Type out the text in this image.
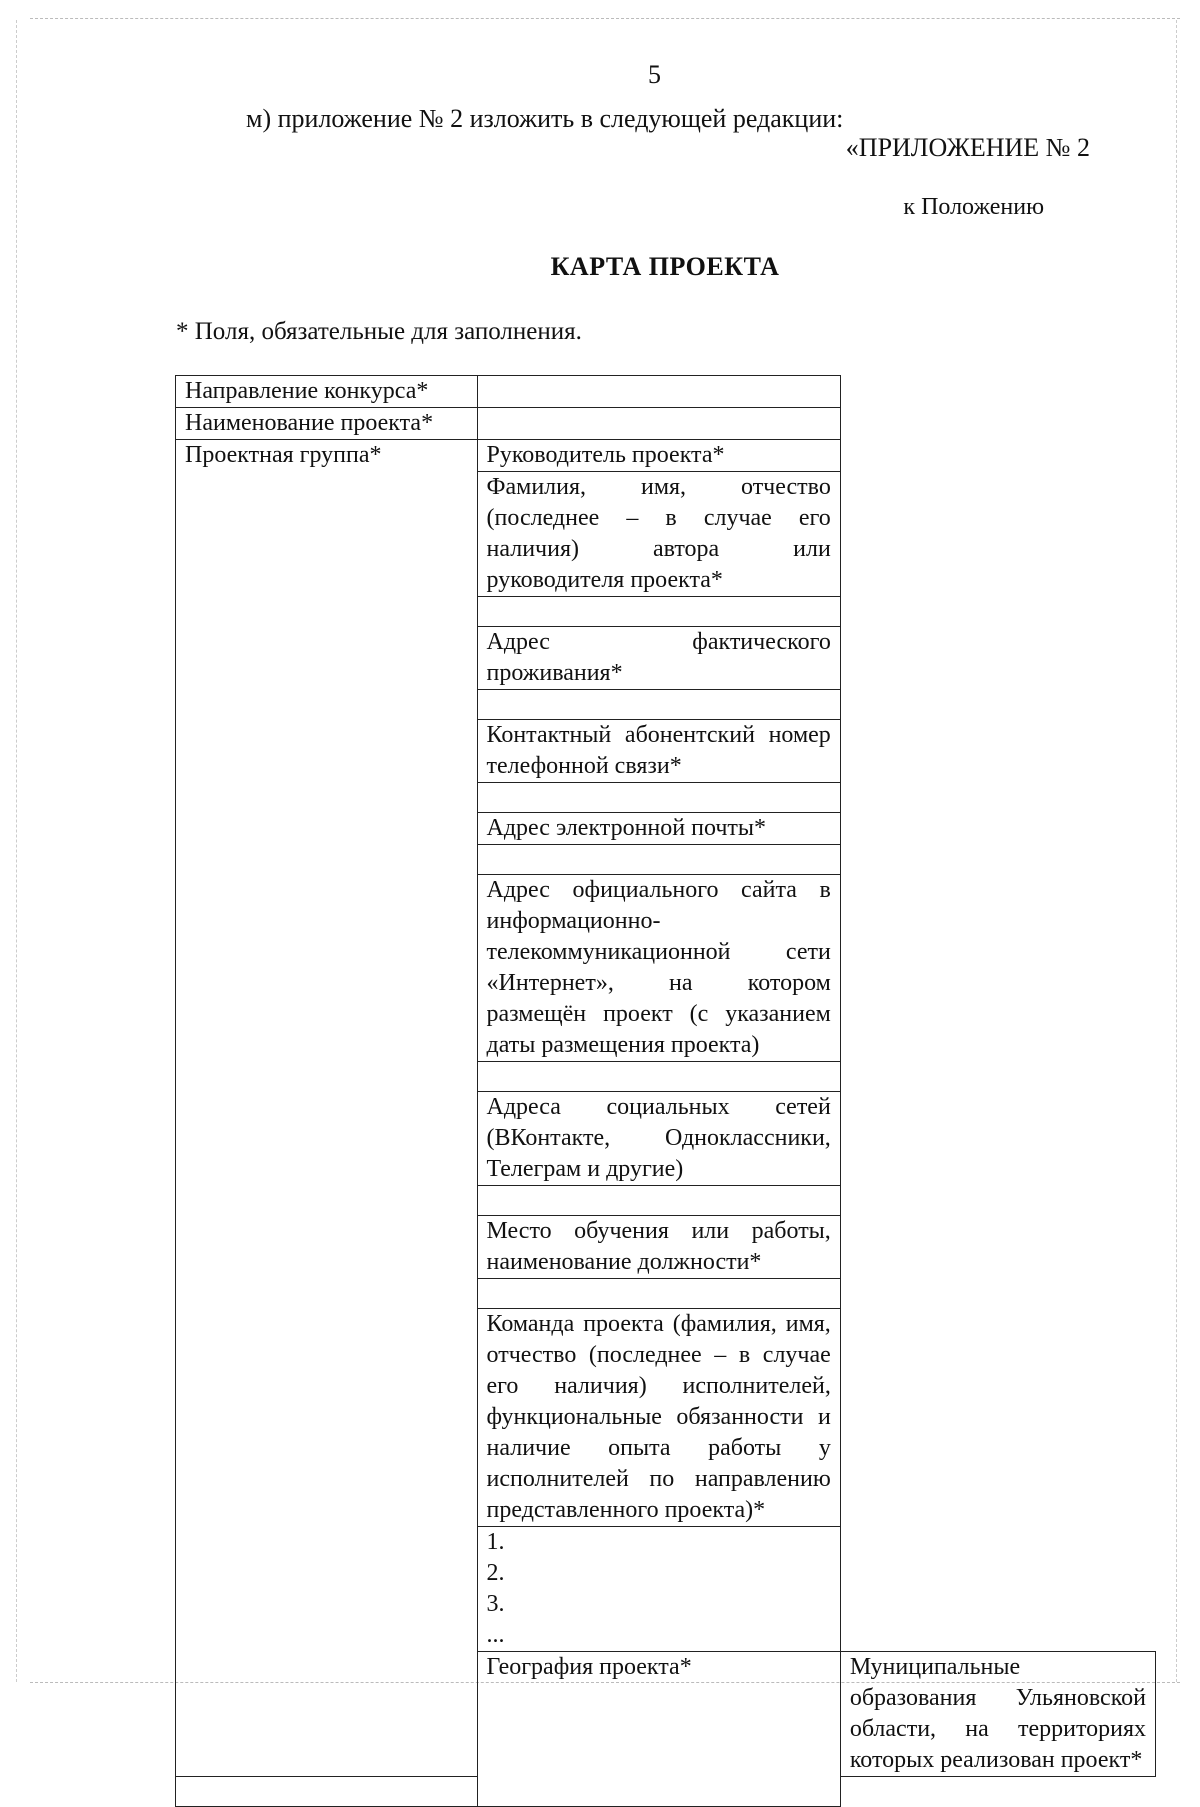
5
м) приложение № 2 изложить в следующей редакции:
«ПРИЛОЖЕНИЕ № 2
к Положению
КАРТА ПРОЕКТА
* Поля, обязательные для заполнения.
Направление конкурса*		
Наименование проекта*		
Проектная группа*	Руководитель проекта*	
	Фамилия, имя, отчество (последнее – в случае его наличия) автора или руководителя проекта*	

	Адрес фактического проживания*	

	Контактный абонентский номер телефонной связи*	

	Адрес электронной почты*	

	Адрес официального сайта в информационно-телекоммуникационной сети «Интернет», на котором размещён проект (с указанием даты размещения проекта)	

	Адреса социальных сетей (ВКонтакте, Одноклассники, Телеграм и другие)	

	Место обучения или работы, наименование должности*	

	Команда проекта (фамилия, имя, отчество (последнее – в случае его наличия) исполнителей, функциональные обязанности и наличие опыта работы у исполнителей по направлению представленного проекта)*	

	1.
2.
3.
...	

	География проекта*	Муниципальные образования Ульяновской области, на территориях которых реализован проект*
